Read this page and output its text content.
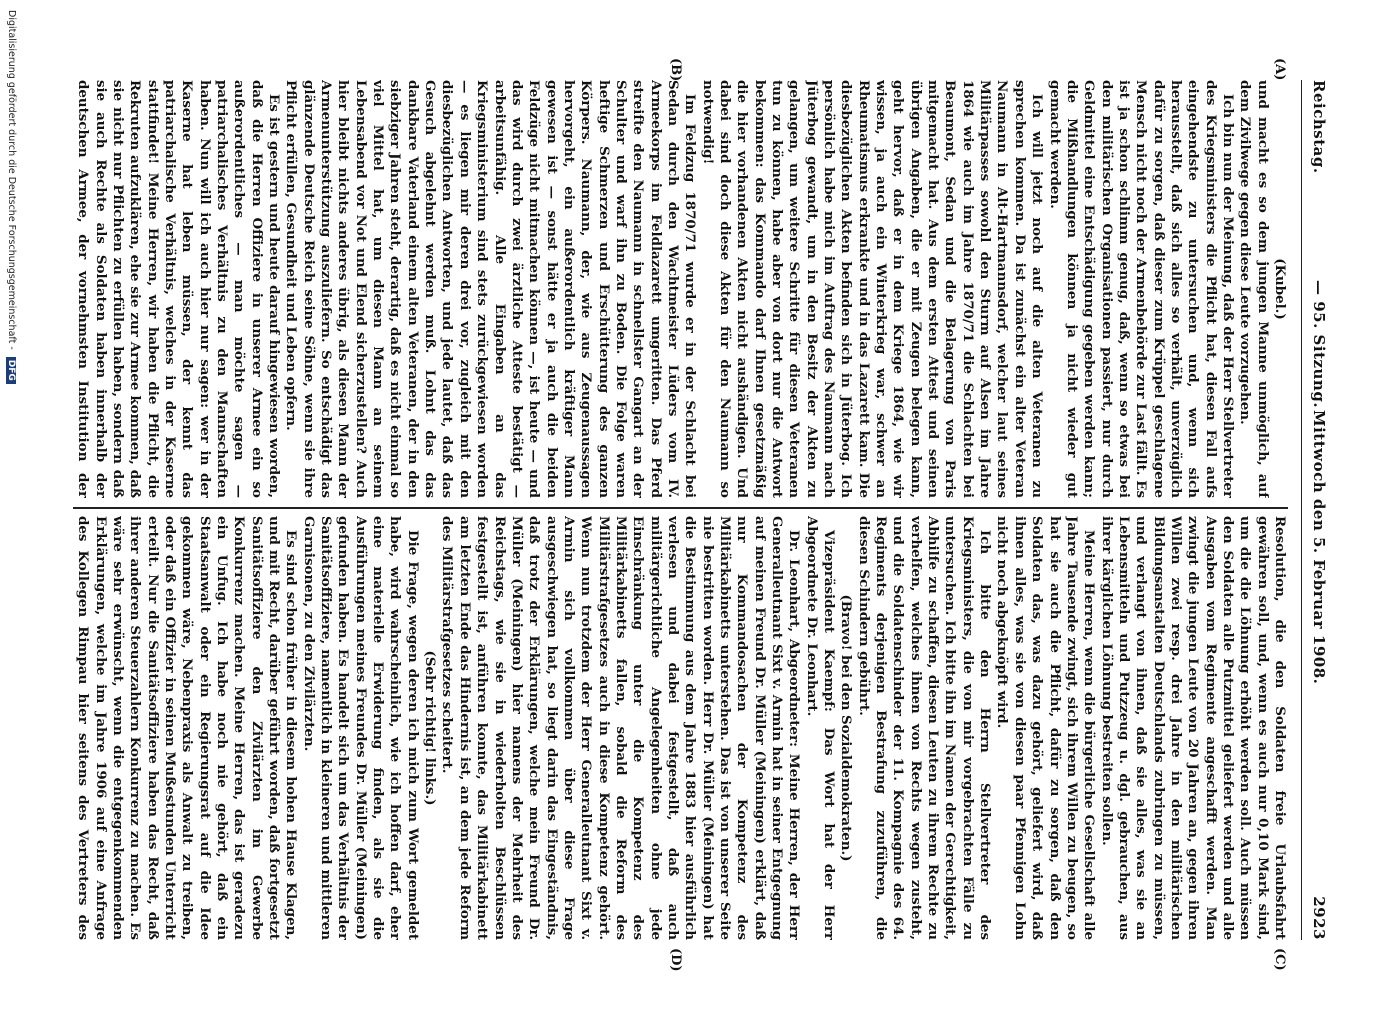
Reichstag.
— 95. Sitzung.
Mittwoch den 5. Februar 1908.
2923
(A)
(B)
(C)
(D)

(Kubel.)

und macht es so dem jungen Manne unmöglich, auf dem Zivilwege gegen diese Leute vorzugehen.

Ich bin nun der Meinung, daß der Herr Stellvertreter des Kriegsministers die Pflicht hat, diesen Fall aufs eingehendste zu untersuchen und, wenn sich herausstellt, daß sich alles so verhält, unverzüglich dafür zu sorgen, daß dieser zum Krüppel geschlagene Mensch nicht noch der Armenbehörde zur Last fällt. Es ist ja schon schlimm genug, daß, wenn so etwas bei den militärischen Organisationen passiert, nur durch Geldmittel eine Entschädigung gegeben werden kann; die Mißhandlungen können ja nicht wieder gut gemacht werden.

Ich will jetzt noch auf die alten Veteranen zu sprechen kommen. Da ist zunächst ein alter Veteran Naumann in Alt-Hartmannsdorf, welcher laut seines Militärpasses sowohl den Sturm auf Alsen im Jahre 1864 wie auch im Jahre 1870/71 die Schlachten bei Beaumont, Sedan und die Belagerung von Paris mitgemacht hat. Aus dem ersten Attest und seinen übrigen Angaben, die er mit Zeugen belegen kann, geht hervor, daß er in dem Kriege 1864, wie wir wissen, ja auch ein Winterkrieg war, schwer an Rheumatismus erkrankte und in das Lazarett kam. Die diesbezüglichen Akten befinden sich in Jüterbog. Ich persönlich habe mich im Auftrag des Naumann nach Jüterbog gewandt, um in den Besitz der Akten zu gelangen, um weitere Schritte für diesen Veteranen tun zu können, habe aber von dort nur die Antwort bekommen: das Kommando darf Ihnen gesetzmäßig die hier vorhandenen Akten nicht aushändigen. Und dabei sind doch diese Akten für den Naumann so notwendig!

Im Feldzug 1870/71 wurde er in der Schlacht bei Sedan durch den Wachtmeister Lüders vom IV. Armeekorps im Feldlazarett umgeritten. Das Pferd streifte den Naumann in schnellster Gangart an der Schulter und warf ihn zu Boden. Die Folge waren heftige Schmerzen und Erschütterung des ganzen Körpers. Naumann, der, wie aus Zeugenaussagen hervorgeht, ein außerordentlich kräftiger Mann gewesen ist — sonst hätte er ja auch die beiden Feldzüge nicht mitmachen können —, ist heute — und das wird durch zwei ärztliche Atteste bestätigt — arbeitsunfähig. Alle Eingaben an das Kriegsministerium sind stets zurückgewiesen worden — es liegen mir deren drei vor, zugleich mit den diesbezüglichen Antworten, und jede lautet, daß das Gesuch abgelehnt werden muß. Lohnt das das dankbare Vaterland einem alten Veteranen, der in den siebziger Jahren steht, derartig, daß es nicht einmal so viel Mittel hat, um diesen Mann an seinem Lebensabend vor Not und Elend sicherzustellen? Auch hier bleibt nichts anderes übrig, als diesen Mann der Armenunterstützung auszuliefern. So entschädigt das glänzende Deutsche Reich seine Söhne, wenn sie ihre Pflicht erfüllen, Gesundheit und Leben opfern.

Es ist gestern und heute darauf hingewiesen worden, daß die Herren Offiziere in unserer Armee ein so außerordentliches — man möchte sagen — patriarchalisches Verhältnis zu den Mannschaften haben. Nun will ich auch hier nur sagen: wer in der Kaserne hat leben müssen, der kennt das patriarchalische Verhältnis, welches in der Kaserne stattfindet! Meine Herren, wir haben die Pflicht, die Rekruten aufzuklären, ehe sie zur Armee kommen, daß sie nicht nur Pflichten zu erfüllen haben, sondern daß sie auch Rechte als Soldaten haben innerhalb der deutschen Armee, der vornehmsten Institution der

Resolution, die den Soldaten freie Urlaubsfahrt gewähren soll, und, wenn es auch nur 0,10 Mark sind, um die die Löhnung erhöht werden soll. Auch müssen den Soldaten alle Putzmittel geliefert werden und alle Ausgaben vom Regimente angeschafft werden. Man zwingt die jungen Leute von 20 Jahren an, gegen ihren Willen zwei resp. drei Jahre in den militärischen Bildungsanstalten Deutschlands zubringen zu müssen, und verlangt von ihnen, daß sie alles, was sie an Lebensmitteln und Putzzeug u. dgl. gebrauchen, aus ihrer kärglichen Löhnung bestreiten sollen.

Meine Herren, wenn die bürgerliche Gesellschaft alle Jahre Tausende zwingt, sich ihrem Willen zu beugen, so hat sie auch die Pflicht, dafür zu sorgen, daß den Soldaten das, was dazu gehört, geliefert wird, daß ihnen alles, was sie von diesen paar Pfennigen Lohn nicht noch abgeknöpft wird.

Ich bitte den Herrn Stellvertreter des Kriegsministers, die von mir vorgebrachten Fälle zu untersuchen. Ich bitte ihn im Namen der Gerechtigkeit, Abhilfe zu schaffen, diesen Leuten zu ihrem Rechte zu verhelfen, welches ihnen von Rechts wegen zusteht, und die Soldatenschinder der 11. Kompagnie des 64. Regiments derjenigen Bestrafung zuzuführen, die diesen Schindern gebührt.

(Bravo! bei den Sozialdemokraten.)

Vizepräsident Kaempf: Das Wort hat der Herr Abgeordnete Dr. Leonhart.

Dr. Leonhart, Abgeordneter: Meine Herren, der Herr Generalleutnant Sixt v. Armin hat in seiner Entgegnung auf meinen Freund Dr. Müller (Meiningen) erklärt, daß nur Kommandosachen der Kompetenz des Militärkabinetts unterstehen. Das ist von unserer Seite nie bestritten worden. Herr Dr. Müller (Meiningen) hat die Bestimmung aus dem Jahre 1883 hier ausführlich verlesen und dabei festgestellt, daß auch militärgerichtliche Angelegenheiten ohne jede Einschränkung unter die Kompetenz des Militärkabinetts fallen, sobald die Reform des Militärstrafgesetzes auch in diese Kompetenz gehört. Wenn nun trotzdem der Herr Generalleutnant Sixt v. Armin sich vollkommen über diese Frage ausgeschwiegen hat, so liegt darin das Eingeständnis, daß trotz der Erklärungen, welche mein Freund Dr. Müller (Meiningen) hier namens der Mehrheit des Reichstags, wie sie in wiederholten Beschlüssen festgestellt ist, anführen konnte, das Militärkabinett am letzten Ende das Hindernis ist, an dem jede Reform des Militärstrafgesetzes scheitert.

(Sehr richtig! links.)

Die Frage, wegen deren ich mich zum Wort gemeldet habe, wird wahrscheinlich, wie ich hoffen darf, eher eine materielle Erwiderung finden, als sie die Ausführungen meines Freundes Dr. Müller (Meiningen) gefunden haben. Es handelt sich um das Verhältnis der Sanitätsoffiziere, namentlich in kleineren und mittleren Garnisonen, zu den Zivilärzten.

Es sind schon früher in diesem hohen Hause Klagen, und mit Recht, darüber geführt worden, daß fortgesetzt Sanitätsoffiziere den Zivilärzten im Gewerbe Konkurrenz machen. Meine Herren, das ist geradezu ein Unfug. Ich habe noch nie gehört, daß ein Staatsanwalt oder ein Regierungsrat auf die Idee gekommen wäre, Nebenpraxis als Anwalt zu treiben, oder daß ein Offizier in seinen Mußestunden Unterricht erteilt. Nur die Sanitätsoffiziere haben das Recht, daß ihrer anderen Steuerzahlern Konkurrenz zu machen. Es wäre sehr erwünscht, wenn die entgegenkommenden Erklärungen, welche im Jahre 1906 auf eine Anfrage des Kollegen Rimpau hier seitens des Vertreters des

Digitalisierung gefördert durch die Deutsche Forschungsgemeinschaft - DFG
